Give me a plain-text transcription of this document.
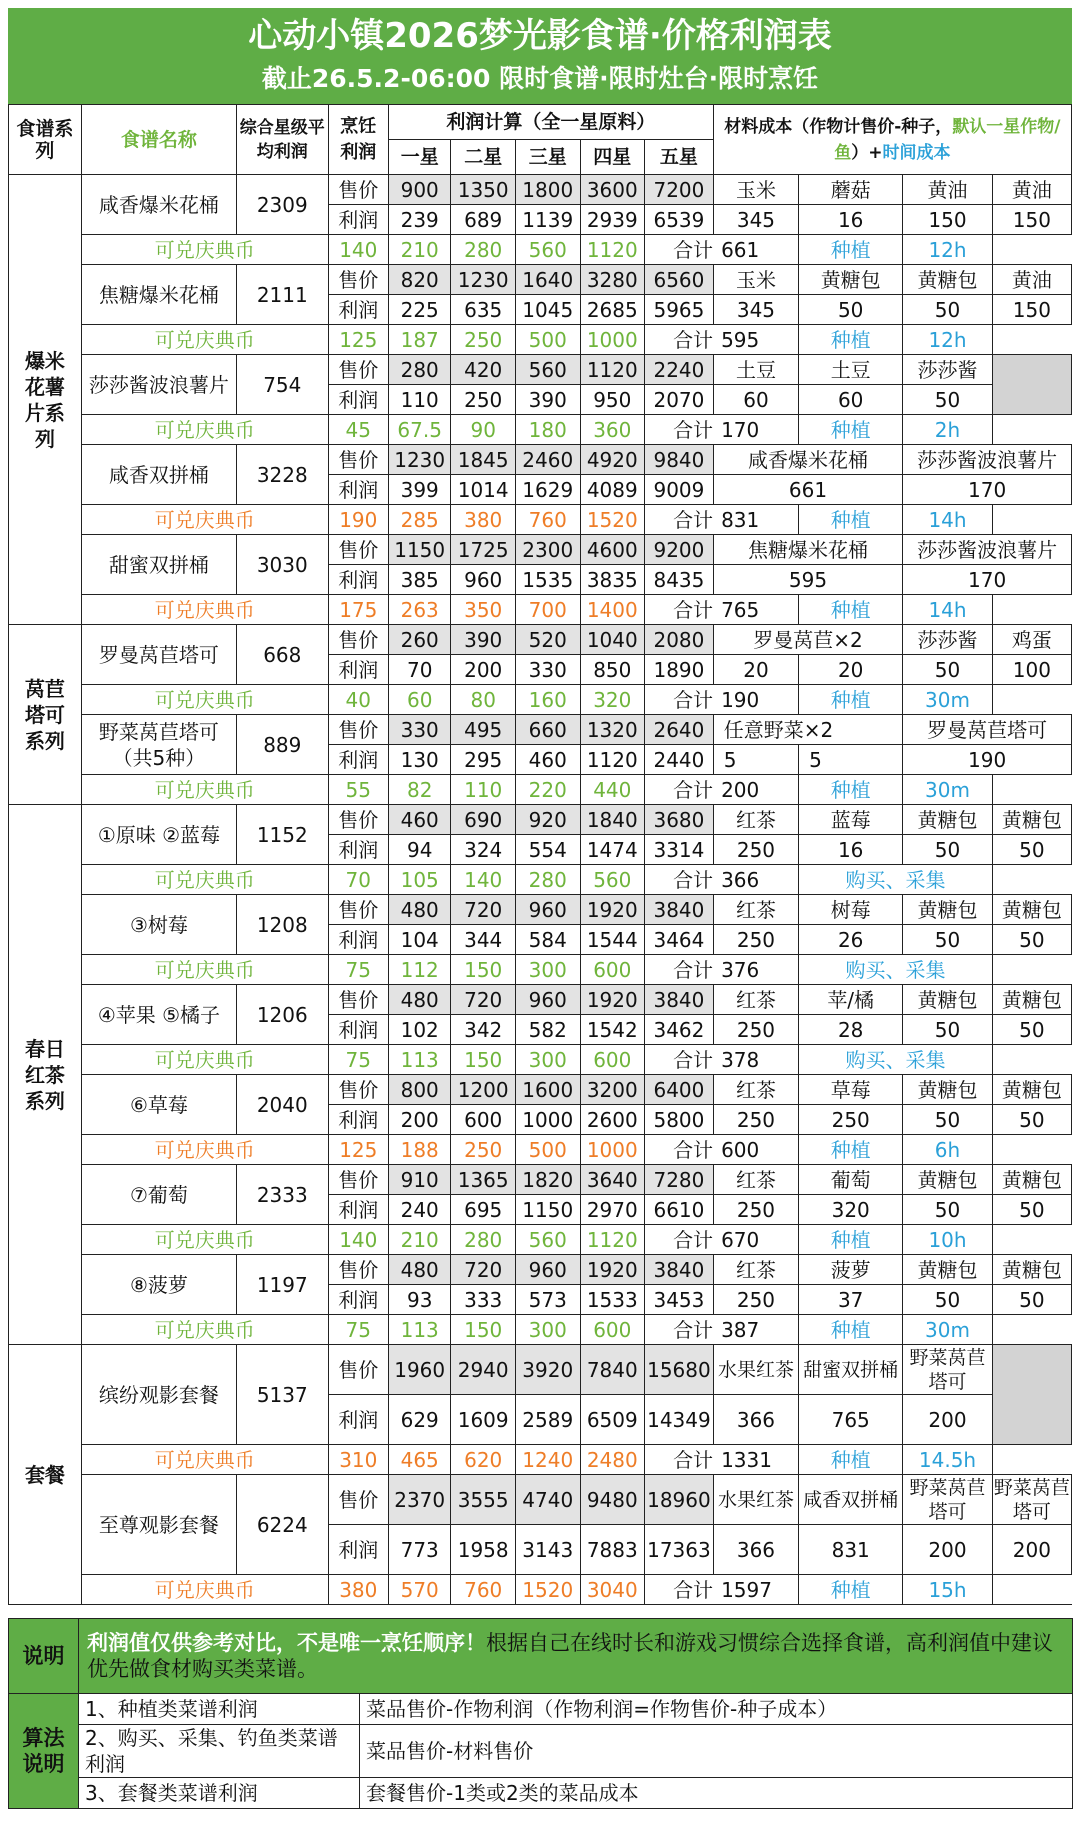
心动小镇2026梦光影食谱·价格利润表
截止26.5.2-06:00 限时食谱·限时灶台·限时烹饪
食谱系列	食谱名称	综合星级平均利润	烹饪利润	利润计算（全一星原料）					材料成本（作物计售价-种子，默认一星作物/鱼）+时间成本			
				一星	二星	三星	四星	五星				
爆米花薯片系列	咸香爆米花桶	2309	售价	900	1350	1800	3600	7200	玉米	蘑菇	黄油	黄油
			利润	239	689	1139	2939	6539	345	16	150	150
	可兑庆典币		140	210	280	560	1120	合计 661		种植	12h	
	焦糖爆米花桶	2111	售价	820	1230	1640	3280	6560	玉米	黄糖包	黄糖包	黄油
			利润	225	635	1045	2685	5965	345	50	50	150
	可兑庆典币		125	187	250	500	1000	合计 595		种植	12h	
	莎莎酱波浪薯片	754	售价	280	420	560	1120	2240	土豆	土豆	莎莎酱	
			利润	110	250	390	950	2070	60	60	50	
	可兑庆典币		45	67.5	90	180	360	合计 170		种植	2h	
	咸香双拼桶	3228	售价	1230	1845	2460	4920	9840	咸香爆米花桶		莎莎酱波浪薯片	
			利润	399	1014	1629	4089	9009	661		170	
	可兑庆典币		190	285	380	760	1520	合计 831		种植	14h	
	甜蜜双拼桶	3030	售价	1150	1725	2300	4600	9200	焦糖爆米花桶		莎莎酱波浪薯片	
			利润	385	960	1535	3835	8435	595		170	
	可兑庆典币		175	263	350	700	1400	合计 765		种植	14h	
莴苣塔可系列	罗曼莴苣塔可	668	售价	260	390	520	1040	2080	罗曼莴苣×2		莎莎酱	鸡蛋
			利润	70	200	330	850	1890	20	20	50	100
	可兑庆典币		40	60	80	160	320	合计 190		种植	30m	
	野菜莴苣塔可（共5种）	889	售价	330	495	660	1320	2640	任意野菜×2		罗曼莴苣塔可	
			利润	130	295	460	1120	2440	5	5	190	
	可兑庆典币		55	82	110	220	440	合计 200		种植	30m	
春日红茶系列	①原味 ②蓝莓	1152	售价	460	690	920	1840	3680	红茶	蓝莓	黄糖包	黄糖包
			利润	94	324	554	1474	3314	250	16	50	50
	可兑庆典币		70	105	140	280	560	合计 366		购买、采集		
	③树莓	1208	售价	480	720	960	1920	3840	红茶	树莓	黄糖包	黄糖包
			利润	104	344	584	1544	3464	250	26	50	50
	可兑庆典币		75	112	150	300	600	合计 376		购买、采集		
	④苹果 ⑤橘子	1206	售价	480	720	960	1920	3840	红茶	苹/橘	黄糖包	黄糖包
			利润	102	342	582	1542	3462	250	28	50	50
	可兑庆典币		75	113	150	300	600	合计 378		购买、采集		
	⑥草莓	2040	售价	800	1200	1600	3200	6400	红茶	草莓	黄糖包	黄糖包
			利润	200	600	1000	2600	5800	250	250	50	50
	可兑庆典币		125	188	250	500	1000	合计 600		种植	6h	
	⑦葡萄	2333	售价	910	1365	1820	3640	7280	红茶	葡萄	黄糖包	黄糖包
			利润	240	695	1150	2970	6610	250	320	50	50
	可兑庆典币		140	210	280	560	1120	合计 670		种植	10h	
	⑧菠萝	1197	售价	480	720	960	1920	3840	红茶	菠萝	黄糖包	黄糖包
			利润	93	333	573	1533	3453	250	37	50	50
	可兑庆典币		75	113	150	300	600	合计 387		种植	30m	
套餐	缤纷观影套餐	5137	售价	1960	2940	3920	7840	15680	水果红茶	甜蜜双拼桶	野菜莴苣塔可	
			利润	629	1609	2589	6509	14349	366	765	200	
	可兑庆典币		310	465	620	1240	2480	合计 1331		种植	14.5h	
	至尊观影套餐	6224	售价	2370	3555	4740	9480	18960	水果红茶	咸香双拼桶	野菜莴苣塔可	野菜莴苣塔可
			利润	773	1958	3143	7883	17363	366	831	200	200
	可兑庆典币		380	570	760	1520	3040	合计 1597		种植	15h	

说明	利润值仅供参考对比，不是唯一烹饪顺序！根据自己在线时长和游戏习惯综合选择食谱，高利润值中建议优先做食材购买类菜谱。	
算法说明	1、种植类菜谱利润	菜品售价-作物利润（作物利润=作物售价-种子成本）
	2、购买、采集、钓鱼类菜谱利润	菜品售价-材料售价
	3、套餐类菜谱利润	套餐售价-1类或2类的菜品成本
